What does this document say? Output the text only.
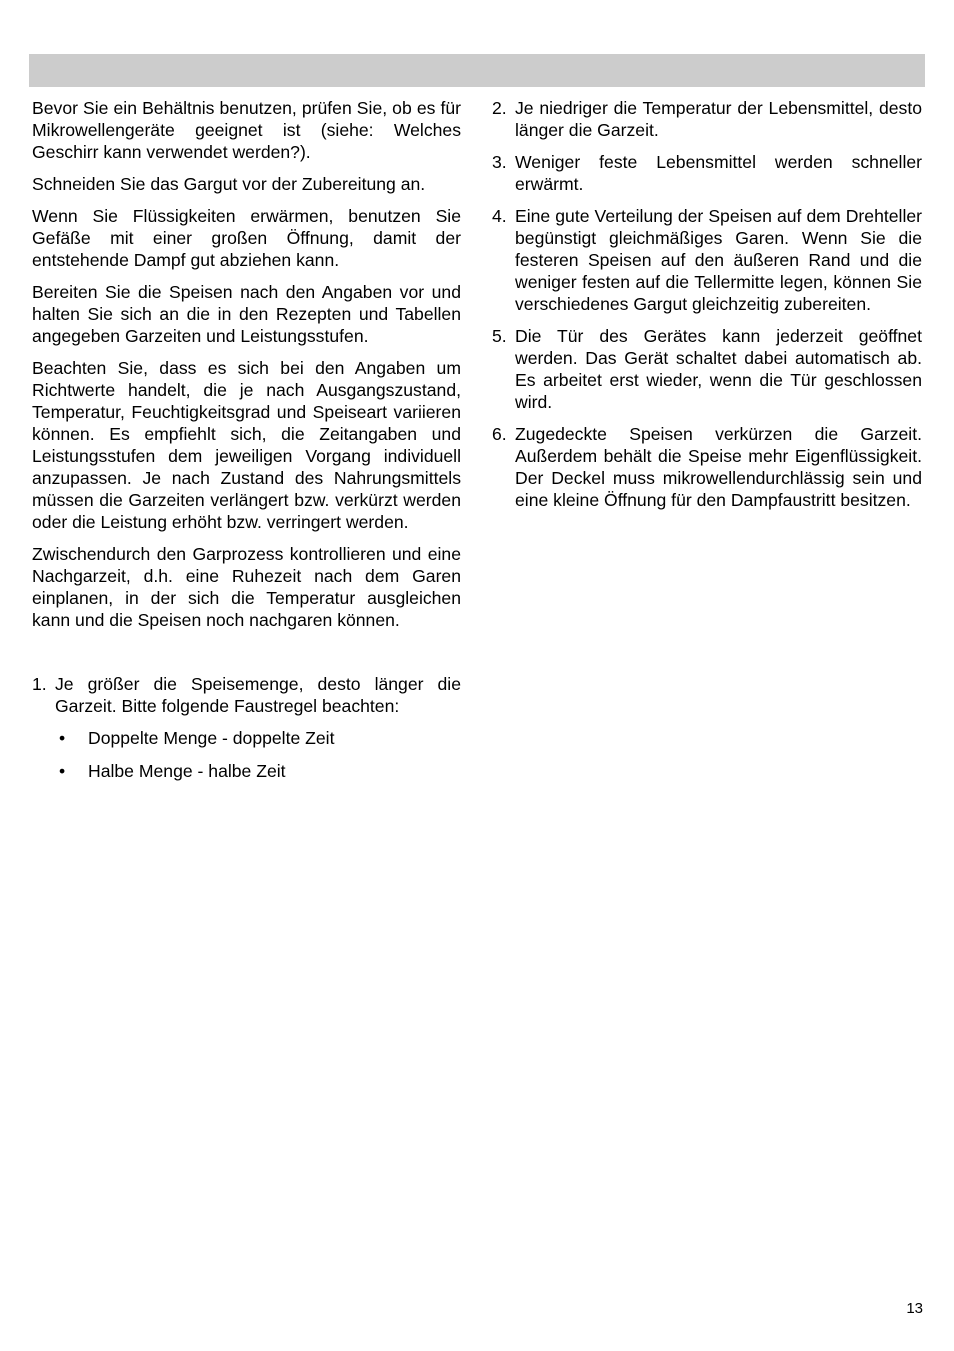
Bevor Sie ein Behältnis benutzen, prüfen Sie, ob es für Mikrowellengeräte geeignet ist (siehe: Welches Geschirr kann verwendet werden?).

Schneiden Sie das Gargut vor der Zubereitung an.

Wenn Sie Flüssigkeiten erwärmen, benutzen Sie Gefäße mit einer großen Öffnung, damit der entstehende Dampf gut abziehen kann.

Bereiten Sie die Speisen nach den Angaben vor und halten Sie sich an die in den Rezepten und Tabellen angegeben Garzeiten und Leistungsstufen.

Beachten Sie, dass es sich bei den Angaben um Richtwerte handelt, die je nach Ausgangszustand, Temperatur, Feuchtigkeitsgrad und Speiseart variieren können. Es empfiehlt sich, die Zeitangaben und Leistungsstufen dem jeweiligen Vorgang individuell anzupassen. Je nach Zustand des Nahrungsmittels müssen die Garzeiten verlängert bzw. verkürzt werden oder die Leistung erhöht bzw. verringert werden.

Zwischendurch den Garprozess kontrollieren und eine Nachgarzeit, d.h. eine Ruhezeit nach dem Garen einplanen, in der sich die Temperatur ausgleichen kann und die Speisen noch nachgaren können.

1. Je größer die Speisemenge, desto länger die Garzeit. Bitte folgende Faustregel beachten:
•	Doppelte Menge - doppelte Zeit
•	Halbe Menge - halbe Zeit
2. Je niedriger die Temperatur der Lebensmittel, desto länger die Garzeit.
3. Weniger feste Lebensmittel werden schneller erwärmt.
4. Eine gute Verteilung der Speisen auf dem Drehteller begünstigt gleichmäßiges Garen. Wenn Sie die festeren Speisen auf den äußeren Rand und die weniger festen auf die Tellermitte legen, können Sie verschiedenes Gargut gleichzeitig zubereiten.
5. Die Tür des Gerätes kann jederzeit geöffnet werden. Das Gerät schaltet dabei automatisch ab. Es arbeitet erst wieder, wenn die Tür geschlossen wird.
6. Zugedeckte Speisen verkürzen die Garzeit. Außerdem behält die Speise mehr Eigenflüssigkeit. Der Deckel muss mikrowellendurchlässig sein und eine kleine Öffnung für den Dampfaustritt besitzen.
13
